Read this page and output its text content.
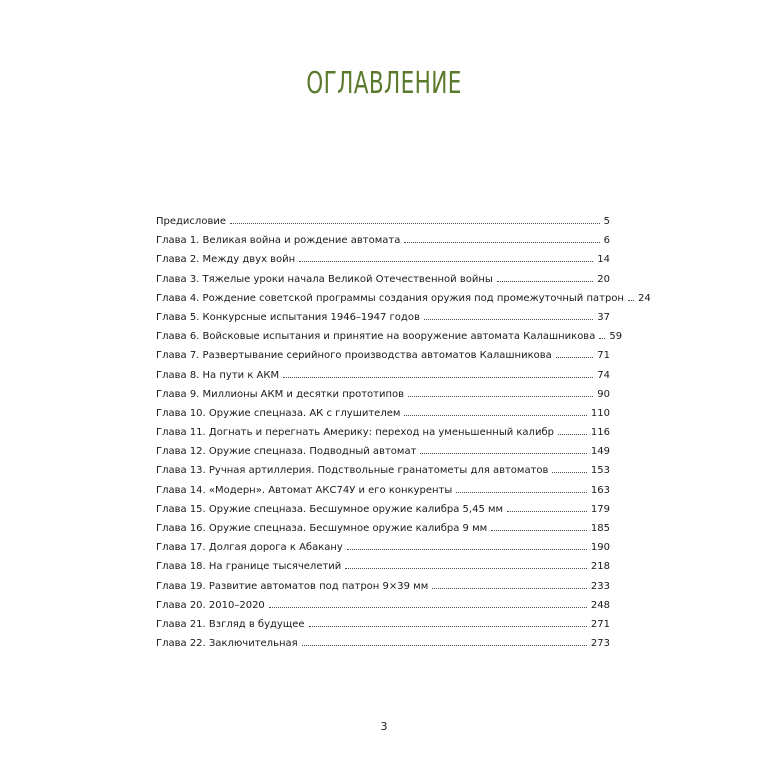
ОГЛАВЛЕНИЕ
Предисловие	5
Глава 1. Великая война и рождение автомата	6
Глава 2. Между двух войн	14
Глава 3. Тяжелые уроки начала Великой Отечественной войны	20
Глава 4. Рождение советской программы создания оружия под промежуточный патрон	24
Глава 5. Конкурсные испытания 1946–1947 годов	37
Глава 6. Войсковые испытания и принятие на вооружение автомата Калашникова	59
Глава 7. Развертывание серийного производства автоматов Калашникова	71
Глава 8. На пути к АКМ	74
Глава 9. Миллионы АКМ и десятки прототипов	90
Глава 10. Оружие спецназа. АК с глушителем	110
Глава 11. Догнать и перегнать Америку: переход на уменьшенный калибр	116
Глава 12. Оружие спецназа. Подводный автомат	149
Глава 13. Ручная артиллерия. Подствольные гранатометы для автоматов	153
Глава 14. «Модерн». Автомат АКС74У и его конкуренты	163
Глава 15. Оружие спецназа. Бесшумное оружие калибра 5,45 мм	179
Глава 16. Оружие спецназа. Бесшумное оружие калибра 9 мм	185
Глава 17. Долгая дорога к Абакану	190
Глава 18. На границе тысячелетий	218
Глава 19. Развитие автоматов под патрон 9×39 мм	233
Глава 20. 2010–2020	248
Глава 21. Взгляд в будущее	271
Глава 22. Заключительная	273
3
